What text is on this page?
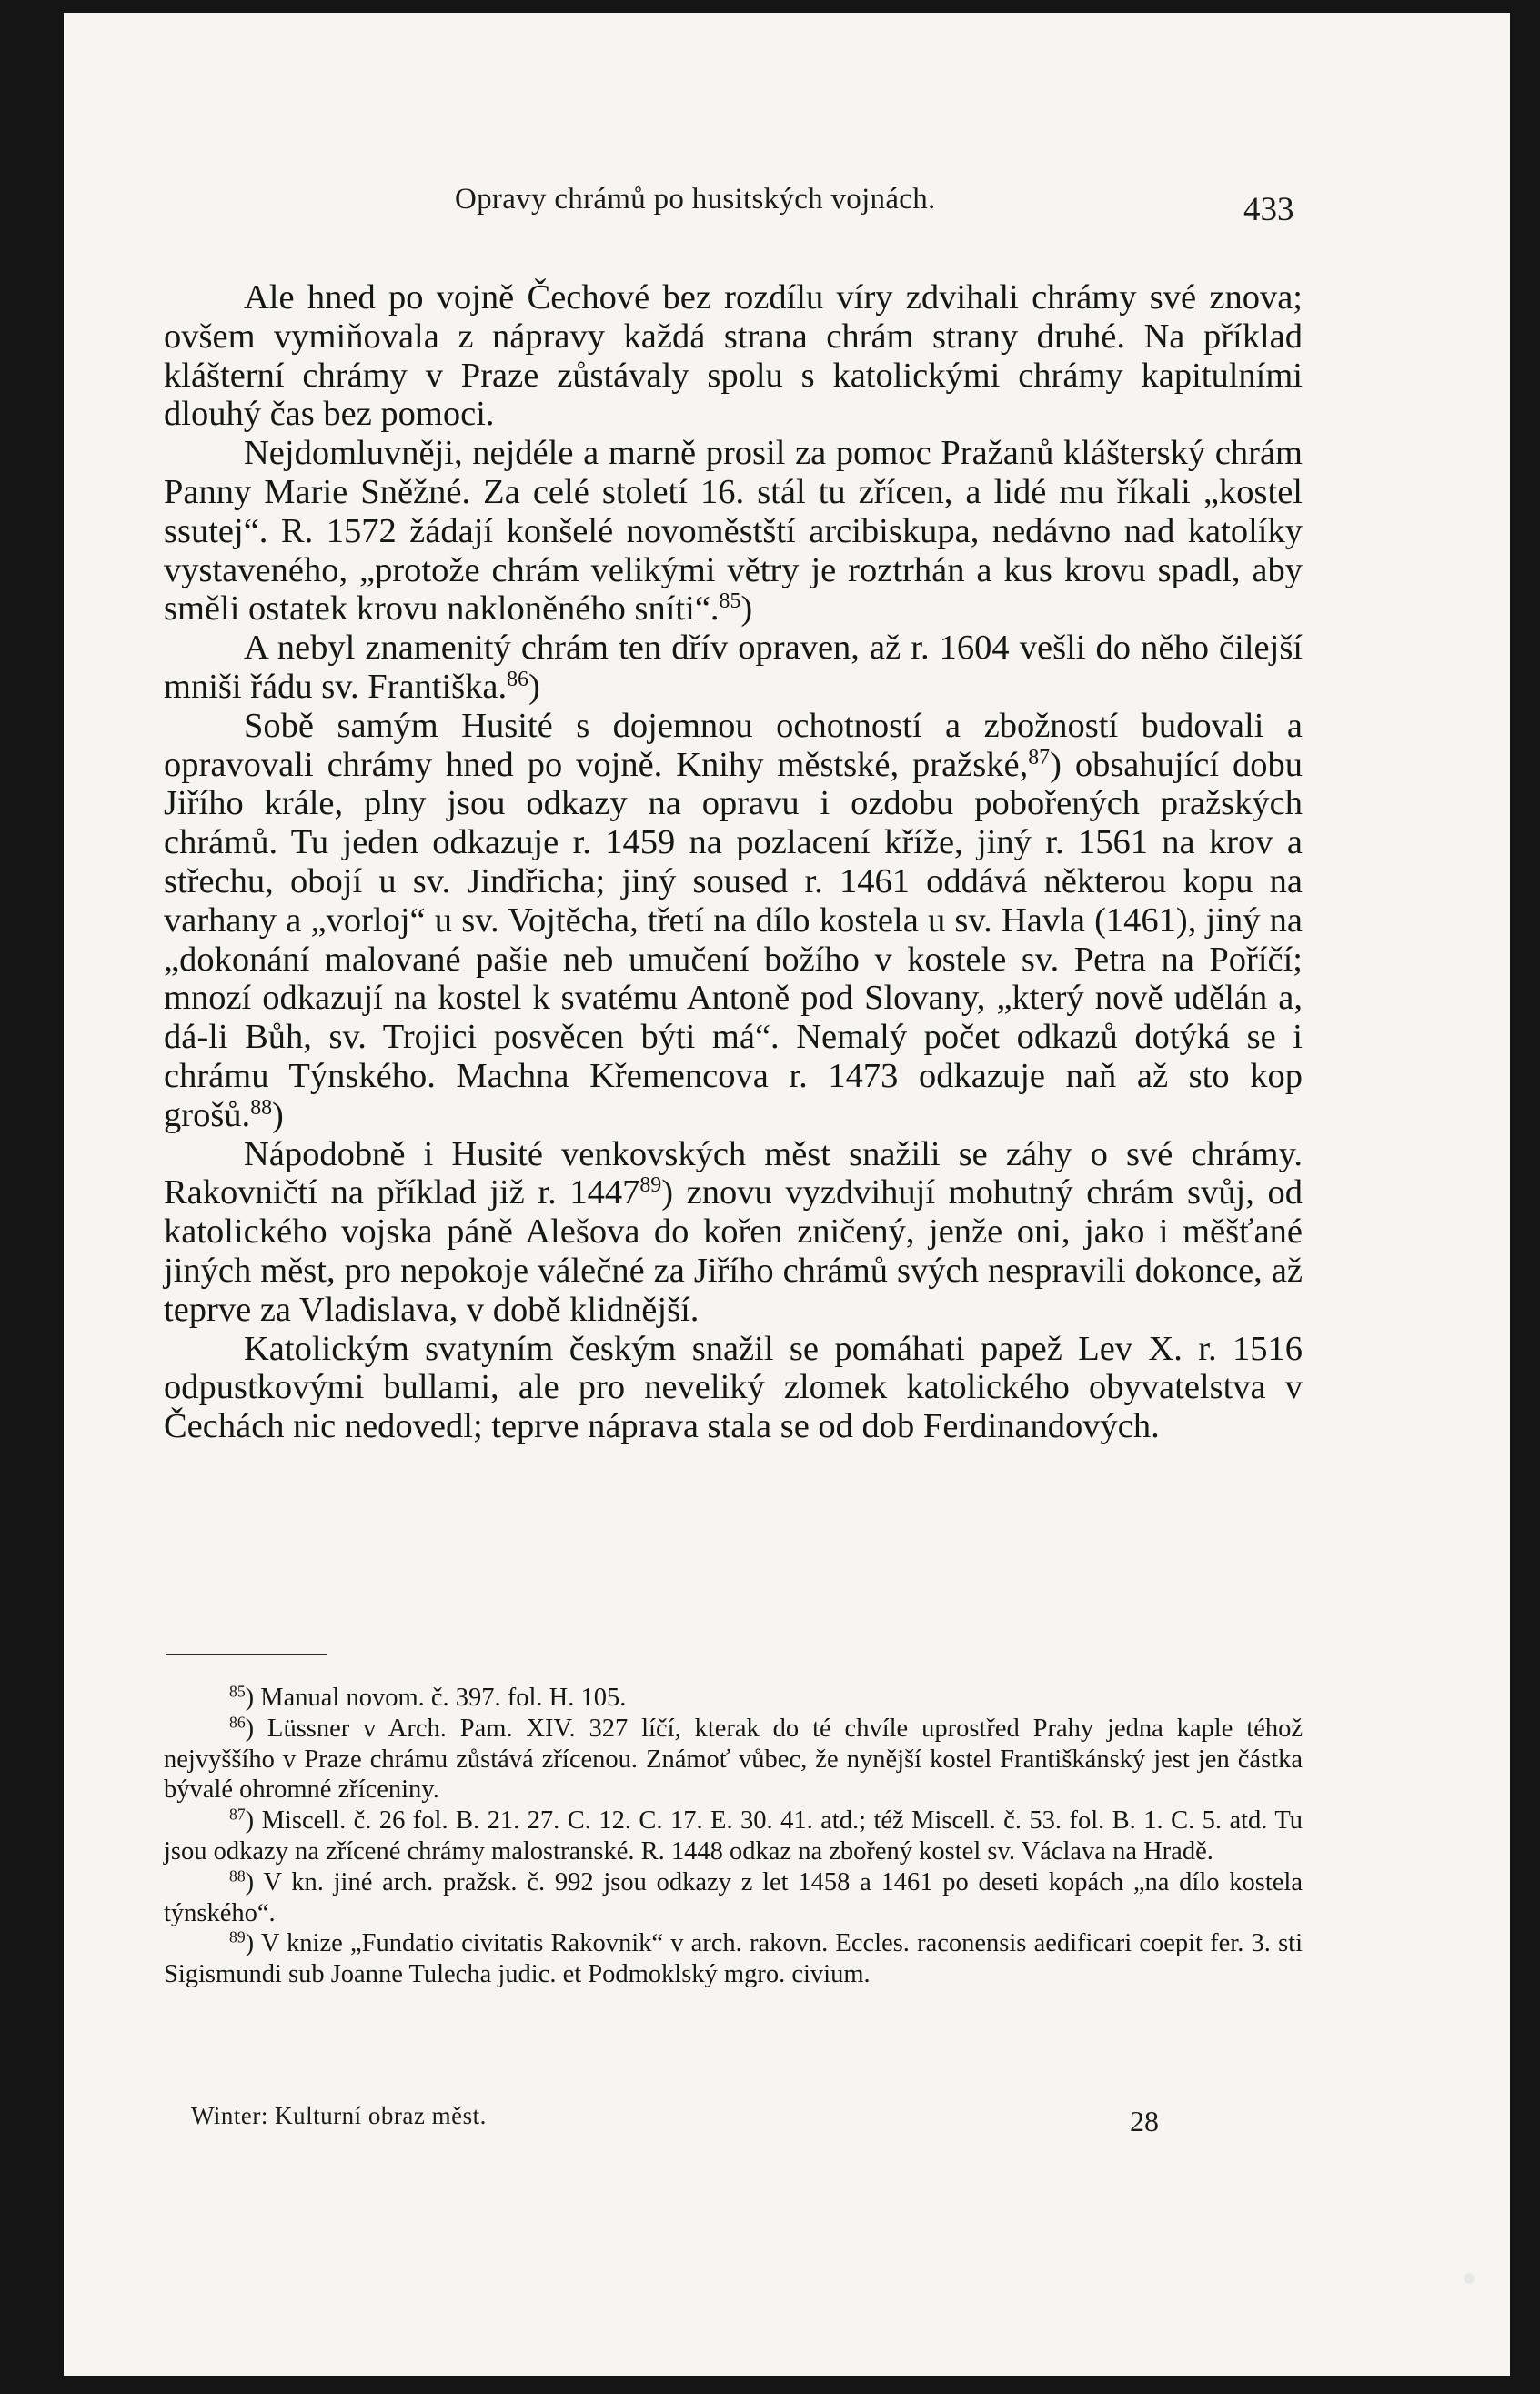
Opravy chrámů po husitských vojnách.	433

Ale hned po vojně Čechové bez rozdílu víry zdvihali chrámy své znova; ovšem vymiňovala z nápravy každá strana chrám strany druhé. Na příklad klášterní chrámy v Praze zůstávaly spolu s katolickými chrámy kapitulními dlouhý čas bez pomoci.

Nejdomluvněji, nejdéle a marně prosil za pomoc Pražanů klášterský chrám Panny Marie Sněžné. Za celé století 16. stál tu zřícen, a lidé mu říkali „kostel ssutej“. R. 1572 žádají konšelé novoměstští arcibiskupa, nedávno nad katolíky vystaveného, „protože chrám velikými větry je roztrhán a kus krovu spadl, aby směli ostatek krovu nakloněného sníti“.$^{85}$)

A nebyl znamenitý chrám ten dřív opraven, až r. 1604 vešli do něho čilejší mniši řádu sv. Františka.$^{86}$)

Sobě samým Husité s dojemnou ochotností a zbožností budovali a opravovali chrámy hned po vojně. Knihy městské, pražské,$^{87}$) obsahující dobu Jiřího krále, plny jsou odkazy na opravu i ozdobu pobořených pražských chrámů. Tu jeden odkazuje r. 1459 na pozlacení kříže, jiný r. 1561 na krov a střechu, obojí u sv. Jindřicha; jiný soused r. 1461 oddává některou kopu na varhany a „vorloj“ u sv. Vojtěcha, třetí na dílo kostela u sv. Havla (1461), jiný na „dokonání malované pašie neb umučení božího v kostele sv. Petra na Poříčí; mnozí odkazují na kostel k svatému Antoně pod Slovany, „který nově udělán a, dá-li Bůh, sv. Trojici posvěcen býti má“. Nemalý počet odkazů dotýká se i chrámu Týnského. Machna Křemencova r. 1473 odkazuje naň až sto kop grošů.$^{88}$)

Nápodobně i Husité venkovských měst snažili se záhy o své chrámy. Rakovničtí na příklad již r. 1447$^{89}$) znovu vyzdvihují mohutný chrám svůj, od katolického vojska páně Alešova do kořen zničený, jenže oni, jako i měšťané jiných měst, pro nepokoje válečné za Jiřího chrámů svých nespravili dokonce, až teprve za Vladislava, v době klidnější.

Katolickým svatyním českým snažil se pomáhati papež Lev X. r. 1516 odpustkovými bullami, ale pro neveliký zlomek katolického obyvatelstva v Čechách nic nedovedl; teprve náprava stala se od dob Ferdinandových.

$^{85}$) Manual novom. č. 397. fol. H. 105.

$^{86}$) Lüssner v Arch. Pam. XIV. 327 líčí, kterak do té chvíle uprostřed Prahy jedna kaple téhož nejvyššího v Praze chrámu zůstává zřícenou. Známoť vůbec, že nynější kostel Františkánský jest jen částka bývalé ohromné zříceniny.

$^{87}$) Miscell. č. 26 fol. B. 21. 27. C. 12. C. 17. E. 30. 41. atd.; též Miscell. č. 53. fol. B. 1. C. 5. atd. Tu jsou odkazy na zřícené chrámy malostranské. R. 1448 odkaz na zbořený kostel sv. Václava na Hradě.

$^{88}$) V kn. jiné arch. pražsk. č. 992 jsou odkazy z let 1458 a 1461 po deseti kopách „na dílo kostela týnského“.

$^{89}$) V knize „Fundatio civitatis Rakovnik“ v arch. rakovn. Eccles. raconensis aedificari coepit fer. 3. sti Sigismundi sub Joanne Tulecha judic. et Podmoklský mgro. civium.

Winter: Kulturní obraz měst.	28
